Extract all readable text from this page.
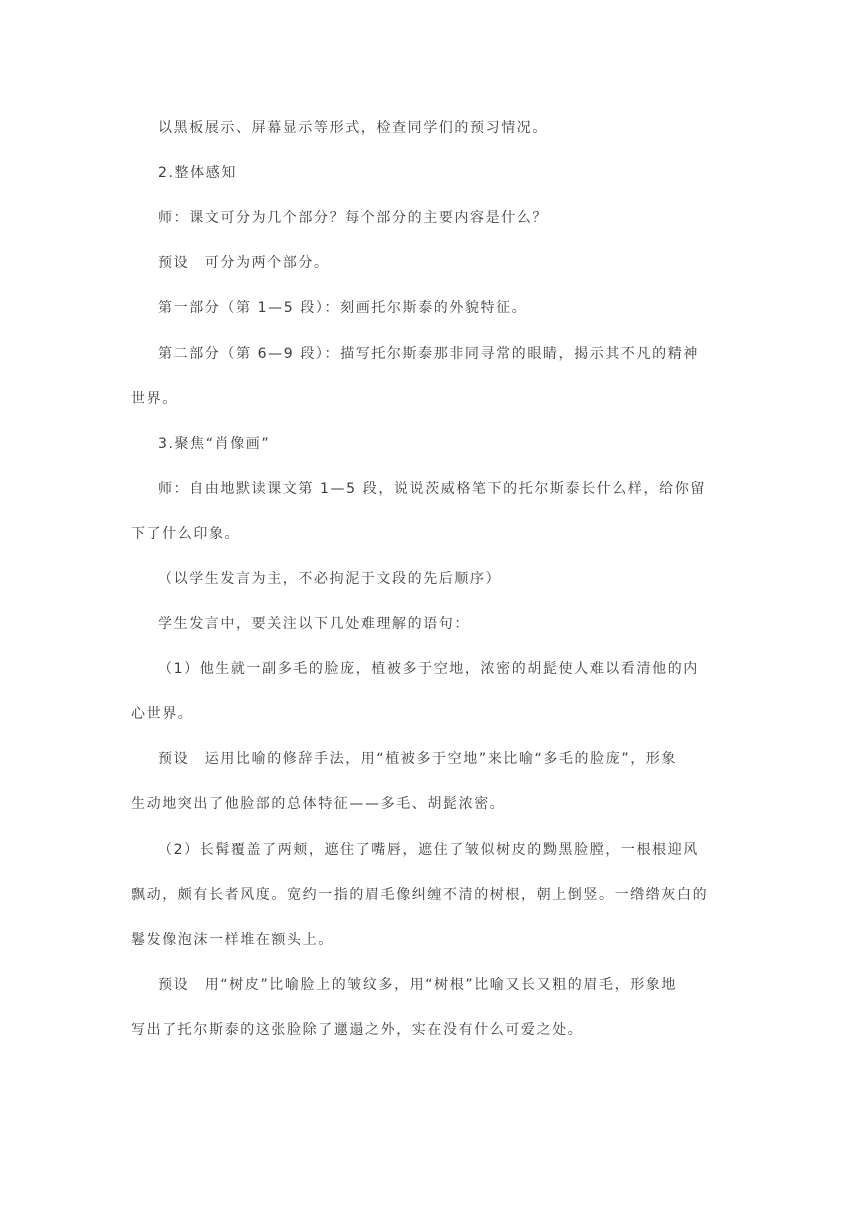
以黑板展示、屏幕显示等形式，检查同学们的预习情况。
2.整体感知
师：课文可分为几个部分？每个部分的主要内容是什么？
预设　可分为两个部分。
第一部分（第 1—5 段）：刻画托尔斯泰的外貌特征。
第二部分（第 6—9 段）：描写托尔斯泰那非同寻常的眼睛，揭示其不凡的精神
世界。
3.聚焦“肖像画”
师：自由地默读课文第 1—5 段，说说茨威格笔下的托尔斯泰长什么样，给你留
下了什么印象。
（以学生发言为主，不必拘泥于文段的先后顺序）
学生发言中，要关注以下几处难理解的语句：
（1）他生就一副多毛的脸庞，植被多于空地，浓密的胡髭使人难以看清他的内
心世界。
预设　运用比喻的修辞手法，用“植被多于空地”来比喻“多毛的脸庞”，形象
生动地突出了他脸部的总体特征——多毛、胡髭浓密。
（2）长髯覆盖了两颊，遮住了嘴唇，遮住了皱似树皮的黝黑脸膛，一根根迎风
飘动，颇有长者风度。宽约一指的眉毛像纠缠不清的树根，朝上倒竖。一绺绺灰白的
鬈发像泡沫一样堆在额头上。
预设　用“树皮”比喻脸上的皱纹多，用“树根”比喻又长又粗的眉毛，形象地
写出了托尔斯泰的这张脸除了邋遢之外，实在没有什么可爱之处。
